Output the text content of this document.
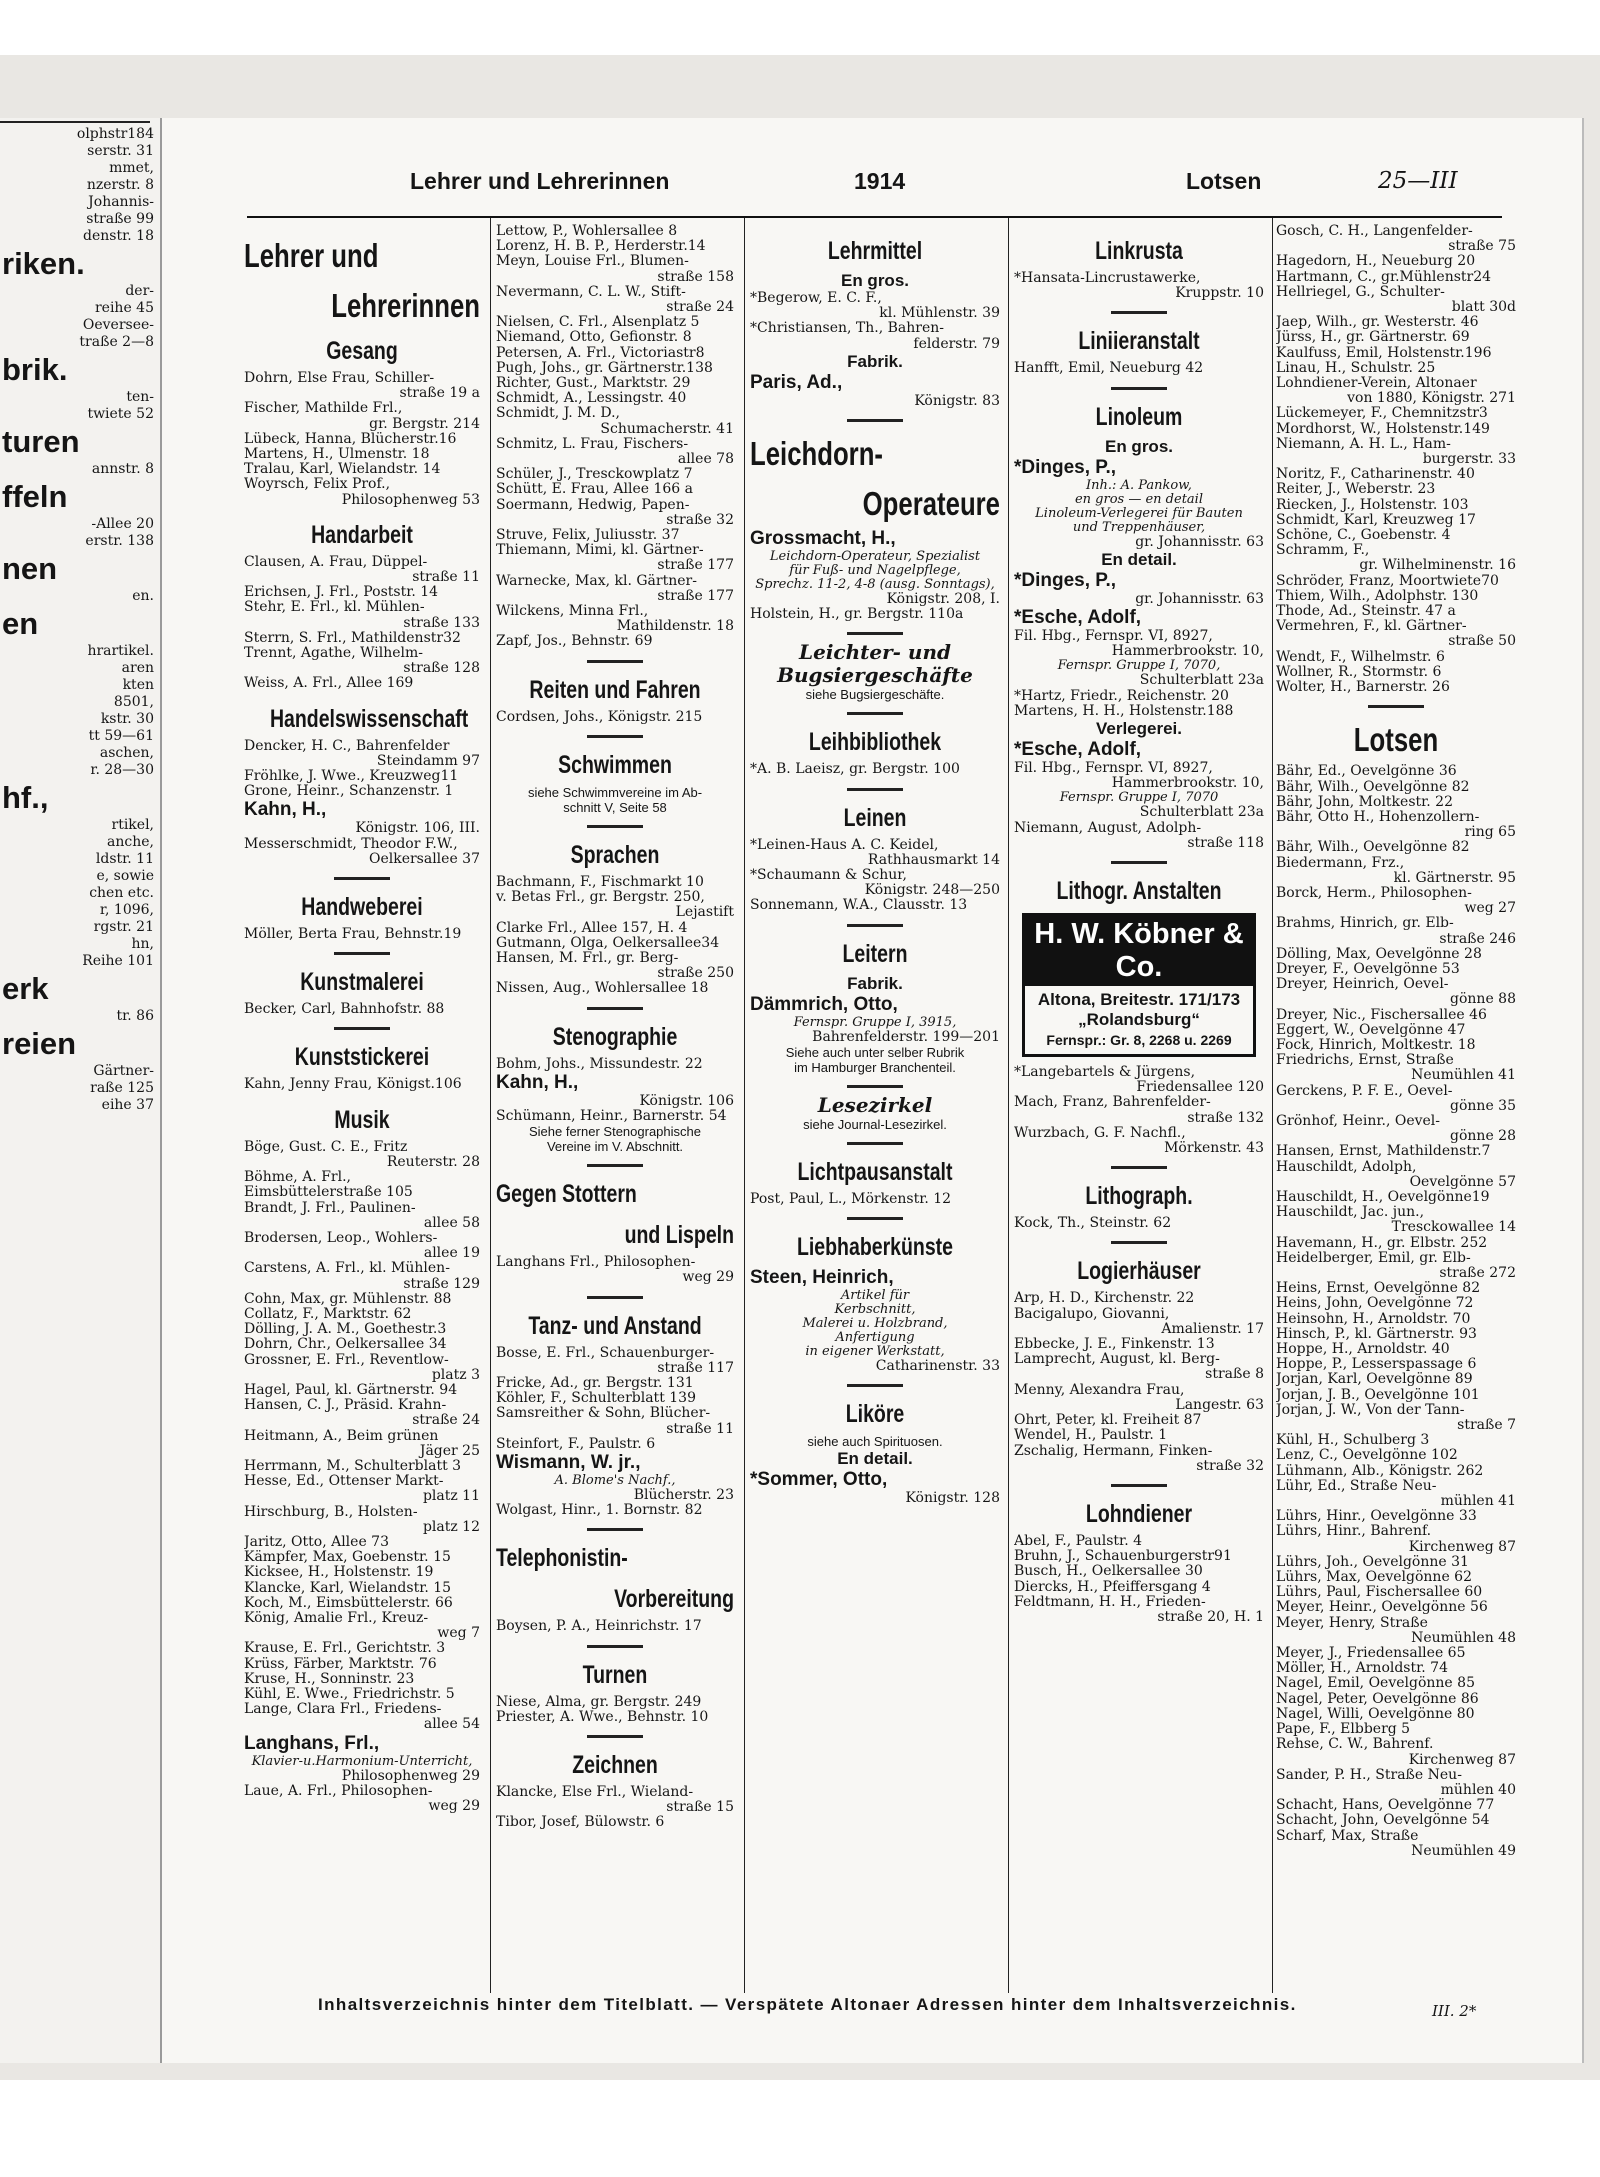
olphstr184
serstr. 31
mmet,
nzerstr. 8
Johannis-
straße 99
denstr. 18
riken.
der-
reihe 45
Oeversee-
traße 2—8
brik.
ten-
twiete 52
turen
annstr. 8
ffeln
-Allee 20
erstr. 138
nen
en.
en
hrartikel.
aren
kten
8501,
kstr. 30
tt 59—61
aschen,
r. 28—30
hf.,
rtikel,
anche,
ldstr. 11
e, sowie
chen etc.
r, 1096,
rgstr. 21
hn,
Reihe 101
erk
tr. 86
reien
Gärtner-
raße 125
eihe 37
Lehrer und Lehrerinnen	1914	Lotsen	25—III
Lehrer und
Lehrerinnen
Gesang
Dohrn, Else Frau, Schiller-
straße 19 a
Fischer, Mathilde Frl.,
gr. Bergstr. 214
Lübeck, Hanna, Blücherstr.16
Martens, H., Ulmenstr. 18
Tralau, Karl, Wielandstr. 14
Woyrsch, Felix Prof.,
Philosophenweg 53
Handarbeit
Clausen, A. Frau, Düppel-
straße 11
Erichsen, J. Frl., Poststr. 14
Stehr, E. Frl., kl. Mühlen-
straße 133
Sterrn, S. Frl., Mathildenstr32
Trennt, Agathe, Wilhelm-
straße 128
Weiss, A. Frl., Allee 169
Handelswissenschaft
Dencker, H. C., Bahrenfelder
Steindamm 97
Fröhlke, J. Wwe., Kreuzweg11
Grone, Heinr., Schanzenstr. 1
Kahn, H.,
Königstr. 106, III.
Messerschmidt, Theodor F.W.,
Oelkersallee 37
Handweberei
Möller, Berta Frau, Behnstr.19
Kunstmalerei
Becker, Carl, Bahnhofstr. 88
Kunststickerei
Kahn, Jenny Frau, Königst.106
Musik
Böge, Gust. C. E., Fritz
Reuterstr. 28
Böhme, A. Frl., Eimsbüttelerstraße 105
Brandt, J. Frl., Paulinen-
allee 58
Brodersen, Leop., Wohlers-
allee 19
Carstens, A. Frl., kl. Mühlen-
straße 129
Cohn, Max, gr. Mühlenstr. 88
Collatz, F., Marktstr. 62
Dölling, J. A. M., Goethestr.3
Dohrn, Chr., Oelkersallee 34
Grossner, E. Frl., Reventlow-
platz 3
Hagel, Paul, kl. Gärtnerstr. 94
Hansen, C. J., Präsid. Krahn-
straße 24
Heitmann, A., Beim grünen
Jäger 25
Herrmann, M., Schulterblatt 3
Hesse, Ed., Ottenser Markt-
platz 11
Hirschburg, B., Holsten-
platz 12
Jaritz, Otto, Allee 73
Kämpfer, Max, Goebenstr. 15
Kicksee, H., Holstenstr. 19
Klancke, Karl, Wielandstr. 15
Koch, M., Eimsbüttelerstr. 66
König, Amalie Frl., Kreuz-
weg 7
Krause, E. Frl., Gerichtstr. 3
Krüss, Färber, Marktstr. 76
Kruse, H., Sonninstr. 23
Kühl, E. Wwe., Friedrichstr. 5
Lange, Clara Frl., Friedens-
allee 54
Langhans, Frl.,
Klavier-u.Harmonium-Unterricht,
Philosophenweg 29
Laue, A. Frl., Philosophen-
weg 29
Lettow, P., Wohlersallee 8
Lorenz, H. B. P., Herderstr.14
Meyn, Louise Frl., Blumen-
straße 158
Nevermann, C. L. W., Stift-
straße 24
Nielsen, C. Frl., Alsenplatz 5
Niemand, Otto, Gefionstr. 8
Petersen, A. Frl., Victoriastr8
Pugh, Johs., gr. Gärtnerstr.138
Richter, Gust., Marktstr. 29
Schmidt, A., Lessingstr. 40
Schmidt, J. M. D.,
Schumacherstr. 41
Schmitz, L. Frau, Fischers-
allee 78
Schüler, J., Tresckowplatz 7
Schütt, E. Frau, Allee 166 a
Soermann, Hedwig, Papen-
straße 32
Struve, Felix, Juliusstr. 37
Thiemann, Mimi, kl. Gärtner-
straße 177
Warnecke, Max, kl. Gärtner-
straße 177
Wilckens, Minna Frl.,
Mathildenstr. 18
Zapf, Jos., Behnstr. 69
Reiten und Fahren
Cordsen, Johs., Königstr. 215
Schwimmen
siehe Schwimmvereine im Ab-
schnitt V, Seite 58
Sprachen
Bachmann, F., Fischmarkt 10
v. Betas Frl., gr. Bergstr. 250,
Lejastift
Clarke Frl., Allee 157, H. 4
Gutmann, Olga, Oelkersallee34
Hansen, M. Frl., gr. Berg-
straße 250
Nissen, Aug., Wohlersallee 18
Stenographie
Bohm, Johs., Missundestr. 22
Kahn, H.,
Königstr. 106
Schümann, Heinr., Barnerstr. 54
Siehe ferner Stenographische
Vereine im V. Abschnitt.
Gegen Stottern
und Lispeln
Langhans Frl., Philosophen-
weg 29
Tanz- und Anstand
Bosse, E. Frl., Schauenburger-
straße 117
Fricke, Ad., gr. Bergstr. 131
Köhler, F., Schulterblatt 139
Samsreither & Sohn, Blücher-
straße 11
Steinfort, F., Paulstr. 6
Wismann, W. jr.,
A. Blome's Nachf.,
Blücherstr. 23
Wolgast, Hinr., 1. Bornstr. 82
Telephonistin-
Vorbereitung
Boysen, P. A., Heinrichstr. 17
Turnen
Niese, Alma, gr. Bergstr. 249
Priester, A. Wwe., Behnstr. 10
Zeichnen
Klancke, Else Frl., Wieland-
straße 15
Tibor, Josef, Bülowstr. 6
Lehrmittel
En gros.
*Begerow, E. C. F.,
kl. Mühlenstr. 39
*Christiansen, Th., Bahren-
felderstr. 79
Fabrik.
Paris, Ad.,
Königstr. 83
Leichdorn-
Operateure
Grossmacht, H.,
Leichdorn-Operateur, Spezialist
für Fuß- und Nagelpflege,
Sprechz. 11-2, 4-8 (ausg. Sonntags),
Königstr. 208, I.
Holstein, H., gr. Bergstr. 110a
Leichter- und
Bugsiergeschäfte
siehe Bugsiergeschäfte.
Leihbibliothek
*A. B. Laeisz, gr. Bergstr. 100
Leinen
*Leinen-Haus A. C. Keidel,
Rathhausmarkt 14
*Schaumann & Schur,
Königstr. 248—250
Sonnemann, W.A., Clausstr. 13
Leitern
Fabrik.
Dämmrich, Otto,
Fernspr. Gruppe I, 3915,
Bahrenfelderstr. 199—201
Siehe auch unter selber Rubrik
im Hamburger Branchenteil.
Lesezirkel
siehe Journal-Lesezirkel.
Lichtpausanstalt
Post, Paul, L., Mörkenstr. 12
Liebhaberkünste
Steen, Heinrich,
Artikel für
Kerbschnitt,
Malerei u. Holzbrand,
Anfertigung
in eigener Werkstatt,
Catharinenstr. 33
Liköre
siehe auch Spirituosen.
En detail.
*Sommer, Otto,
Königstr. 128
Linkrusta
*Hansata-Lincrustawerke,
Kruppstr. 10
Liniieranstalt
Hanfft, Emil, Neueburg 42
Linoleum
En gros.
*Dinges, P.,
Inh.: A. Pankow,
en gros — en detail
Linoleum-Verlegerei für Bauten
und Treppenhäuser,
gr. Johannisstr. 63
En detail.
*Dinges, P.,
gr. Johannisstr. 63
*Esche, Adolf,
Fil. Hbg., Fernspr. VI, 8927,
Hammerbrookstr. 10,
Fernspr. Gruppe I, 7070,
Schulterblatt 23a
*Hartz, Friedr., Reichenstr. 20
Martens, H. H., Holstenstr.188
Verlegerei.
*Esche, Adolf,
Fil. Hbg., Fernspr. VI, 8927,
Hammerbrookstr. 10,
Fernspr. Gruppe I, 7070
Schulterblatt 23a
Niemann, August, Adolph-
straße 118
Lithogr. Anstalten
H. W. Köbner & Co.
Altona, Breitestr. 171/173
„Rolandsburg“
Fernspr.: Gr. 8, 2268 u. 2269
*Langebartels & Jürgens,
Friedensallee 120
Mach, Franz, Bahrenfelder-
straße 132
Wurzbach, G. F. Nachfl.,
Mörkenstr. 43
Lithograph.
Kock, Th., Steinstr. 62
Logierhäuser
Arp, H. D., Kirchenstr. 22
Bacigalupo, Giovanni,
Amalienstr. 17
Ebbecke, J. E., Finkenstr. 13
Lamprecht, August, kl. Berg-
straße 8
Menny, Alexandra Frau,
Langestr. 63
Ohrt, Peter, kl. Freiheit 87
Wendel, H., Paulstr. 1
Zschalig, Hermann, Finken-
straße 32
Lohndiener
Abel, F., Paulstr. 4
Bruhn, J., Schauenburgerstr91
Busch, H., Oelkersallee 30
Diercks, H., Pfeiffersgang 4
Feldtmann, H. H., Frieden-
straße 20, H. 1
Gosch, C. H., Langenfelder-
straße 75
Hagedorn, H., Neueburg 20
Hartmann, C., gr.Mühlenstr24
Hellriegel, G., Schulter-
blatt 30d
Jaep, Wilh., gr. Westerstr. 46
Jürss, H., gr. Gärtnerstr. 69
Kaulfuss, Emil, Holstenstr.196
Linau, H., Schulstr. 25
Lohndiener-Verein, Altonaer
von 1880, Königstr. 271
Lückemeyer, F., Chemnitzstr3
Mordhorst, W., Holstenstr.149
Niemann, A. H. L., Ham-
burgerstr. 33
Noritz, F., Catharinenstr. 40
Reiter, J., Weberstr. 23
Riecken, J., Holstenstr. 103
Schmidt, Karl, Kreuzweg 17
Schöne, C., Goebenstr. 4
Schramm, F.,
gr. Wilhelminenstr. 16
Schröder, Franz, Moortwiete70
Thiem, Wilh., Adolphstr. 130
Thode, Ad., Steinstr. 47 a
Vermehren, F., kl. Gärtner-
straße 50
Wendt, F., Wilhelmstr. 6
Wollner, R., Stormstr. 6
Wolter, H., Barnerstr. 26
Lotsen
Bähr, Ed., Oevelgönne 36
Bähr, Wilh., Oevelgönne 82
Bähr, John, Moltkestr. 22
Bähr, Otto H., Hohenzollern-
ring 65
Bähr, Wilh., Oevelgönne 82
Biedermann, Frz.,
kl. Gärtnerstr. 95
Borck, Herm., Philosophen-
weg 27
Brahms, Hinrich, gr. Elb-
straße 246
Dölling, Max, Oevelgönne 28
Dreyer, F., Oevelgönne 53
Dreyer, Heinrich, Oevel-
gönne 88
Dreyer, Nic., Fischersallee 46
Eggert, W., Oevelgönne 47
Fock, Hinrich, Moltkestr. 18
Friedrichs, Ernst, Straße
Neumühlen 41
Gerckens, P. F. E., Oevel-
gönne 35
Grönhof, Heinr., Oevel-
gönne 28
Hansen, Ernst, Mathildenstr.7
Hauschildt, Adolph,
Oevelgönne 57
Hauschildt, H., Oevelgönne19
Hauschildt, Jac. jun.,
Tresckowallee 14
Havemann, H., gr. Elbstr. 252
Heidelberger, Emil, gr. Elb-
straße 272
Heins, Ernst, Oevelgönne 82
Heins, John, Oevelgönne 72
Heinsohn, H., Arnoldstr. 70
Hinsch, P., kl. Gärtnerstr. 93
Hoppe, H., Arnoldstr. 40
Hoppe, P., Lesserspassage 6
Jorjan, Karl, Oevelgönne 89
Jorjan, J. B., Oevelgönne 101
Jorjan, J. W., Von der Tann-
straße 7
Kühl, H., Schulberg 3
Lenz, C., Oevelgönne 102
Lühmann, Alb., Königstr. 262
Lühr, Ed., Straße Neu-
mühlen 41
Lührs, Hinr., Oevelgönne 33
Lührs, Hinr., Bahrenf.
Kirchenweg 87
Lührs, Joh., Oevelgönne 31
Lührs, Max, Oevelgönne 62
Lührs, Paul, Fischersallee 60
Meyer, Heinr., Oevelgönne 56
Meyer, Henry, Straße
Neumühlen 48
Meyer, J., Friedensallee 65
Möller, H., Arnoldstr. 74
Nagel, Emil, Oevelgönne 85
Nagel, Peter, Oevelgönne 86
Nagel, Willi, Oevelgönne 80
Pape, F., Elbberg 5
Rehse, C. W., Bahrenf.
Kirchenweg 87
Sander, P. H., Straße Neu-
mühlen 40
Schacht, Hans, Oevelgönne 77
Schacht, John, Oevelgönne 54
Scharf, Max, Straße
Neumühlen 49
Inhaltsverzeichnis hinter dem Titelblatt. — Verspätete Altonaer Adressen hinter dem Inhaltsverzeichnis.	III. 2*
